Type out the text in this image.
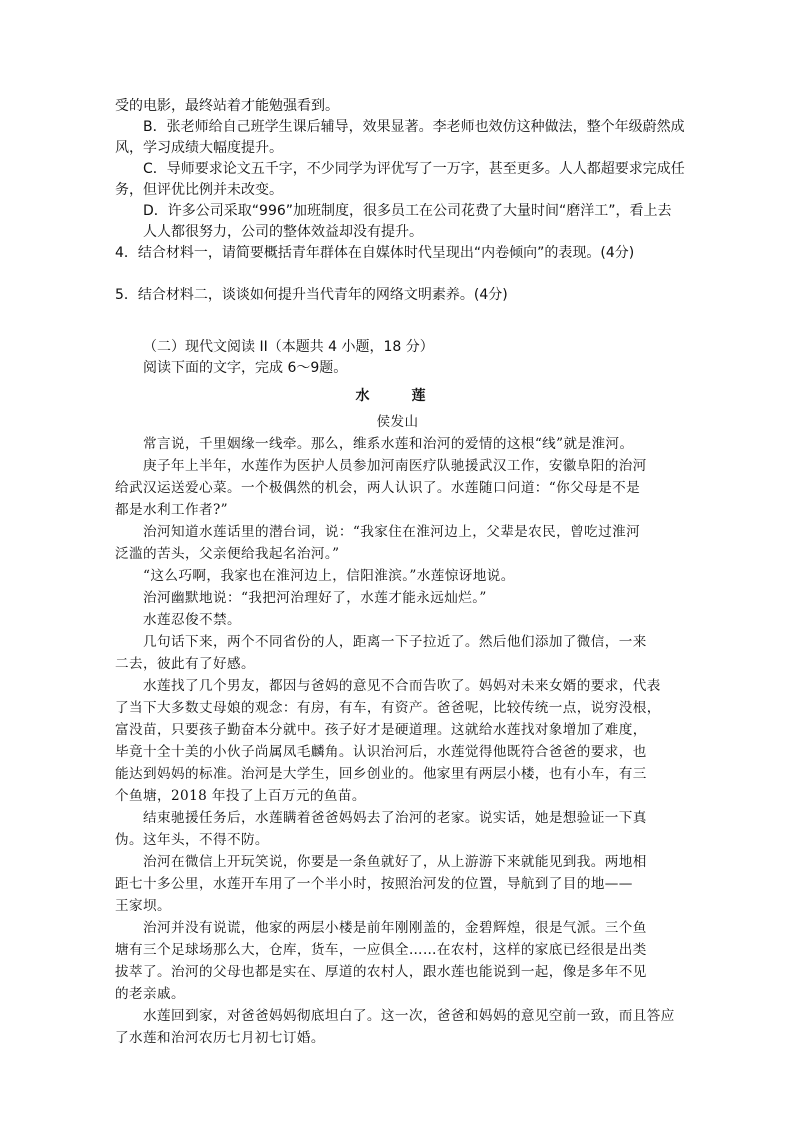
受的电影，最终站着才能勉强看到。

B．张老师给自己班学生课后辅导，效果显著。李老师也效仿这种做法，整个年级蔚然成

风，学习成绩大幅度提升。

C．导师要求论文五千字，不少同学为评优写了一万字，甚至更多。人人都超要求完成任

务，但评优比例并未改变。

D．许多公司采取“996”加班制度，很多员工在公司花费了大量时间“磨洋工”，看上去

人人都很努力，公司的整体效益却没有提升。

4．结合材料一，请简要概括青年群体在自媒体时代呈现出“内卷倾向”的表现。(4分)

5．结合材料二，谈谈如何提升当代青年的网络文明素养。(4分)

（二）现代文阅读 II（本题共 4 小题，18 分）

阅读下面的文字，完成 6～9题。

水　莲

侯发山

常言说，千里姻缘一线牵。那么，维系水莲和治河的爱情的这根“线”就是淮河。

庚子年上半年，水莲作为医护人员参加河南医疗队驰援武汉工作，安徽阜阳的治河

给武汉运送爱心菜。一个极偶然的机会，两人认识了。水莲随口问道：“你父母是不是

都是水利工作者?”

治河知道水莲话里的潜台词，说：“我家住在淮河边上，父辈是农民，曾吃过淮河

泛滥的苦头，父亲便给我起名治河。”

“这么巧啊，我家也在淮河边上，信阳淮滨。”水莲惊讶地说。

治河幽默地说：“我把河治理好了，水莲才能永远灿烂。”

水莲忍俊不禁。

几句话下来，两个不同省份的人，距离一下子拉近了。然后他们添加了微信，一来

二去，彼此有了好感。

水莲找了几个男友，都因与爸妈的意见不合而告吹了。妈妈对未来女婿的要求，代表

了当下大多数丈母娘的观念：有房，有车，有资产。爸爸呢，比较传统一点，说穷没根，

富没苗，只要孩子勤奋本分就中。孩子好才是硬道理。这就给水莲找对象增加了难度，

毕竟十全十美的小伙子尚属凤毛麟角。认识治河后，水莲觉得他既符合爸爸的要求，也

能达到妈妈的标准。治河是大学生，回乡创业的。他家里有两层小楼，也有小车，有三

个鱼塘，2018 年投了上百万元的鱼苗。

结束驰援任务后，水莲瞒着爸爸妈妈去了治河的老家。说实话，她是想验证一下真

伪。这年头，不得不防。

治河在微信上开玩笑说，你要是一条鱼就好了，从上游游下来就能见到我。两地相

距七十多公里，水莲开车用了一个半小时，按照治河发的位置，导航到了目的地——

王家坝。

治河并没有说谎，他家的两层小楼是前年刚刚盖的，金碧辉煌，很是气派。三个鱼

塘有三个足球场那么大，仓库，货车，一应俱全……在农村，这样的家底已经很是出类

拔萃了。治河的父母也都是实在、厚道的农村人，跟水莲也能说到一起，像是多年不见

的老亲戚。

水莲回到家，对爸爸妈妈彻底坦白了。这一次，爸爸和妈妈的意见空前一致，而且答应

了水莲和治河农历七月初七订婚。
